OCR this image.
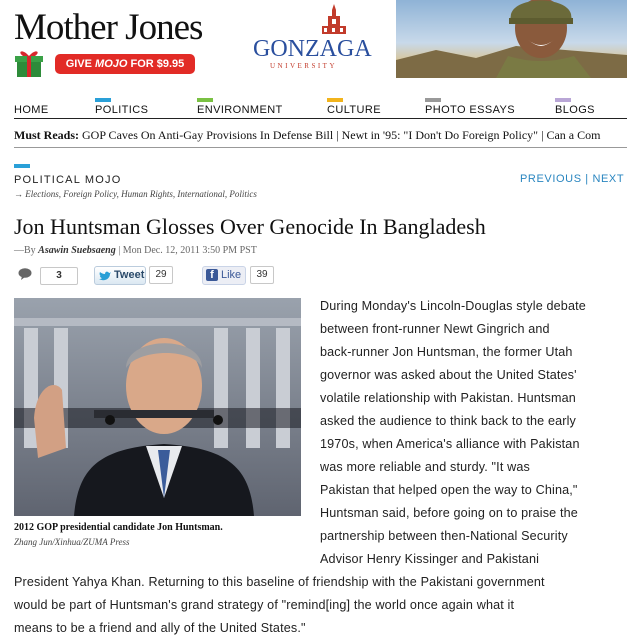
Mother Jones
GIVE MOJO FOR $9.95
GONZAGA
UNIVERSITY
HOME	POLITICS	ENVIRONMENT	CULTURE	PHOTO ESSAYS	BLOGS
Must Reads: GOP Caves On Anti-Gay Provisions In Defense Bill | Newt in '95: "I Don't Do Foreign Policy" | Can a Com
POLITICAL MOJO
→ Elections, Foreign Policy, Human Rights, International, Politics
PREVIOUS | NEXT
Jon Huntsman Glosses Over Genocide In Bangladesh
—By Asawin Suebsaeng | Mon Dec. 12, 2011 3:50 PM PST
3	Tweet	29	f Like	39
2012 GOP presidential candidate Jon Huntsman.
Zhang Jun/Xinhua/ZUMA Press
During Monday's Lincoln-Douglas style debate
between front-runner Newt Gingrich and
back-runner Jon Huntsman, the former Utah
governor was asked about the United States'
volatile relationship with Pakistan. Huntsman
asked the audience to think back to the early
1970s, when America's alliance with Pakistan
was more reliable and sturdy. "It was
Pakistan that helped open the way to China,"
Huntsman said, before going on to praise the
partnership between then-National Security
Advisor Henry Kissinger and Pakistani
President Yahya Khan. Returning to this baseline of friendship with the Pakistani government
would be part of Huntsman's grand strategy of "remind[ing] the world once again what it
means to be a friend and ally of the United States."
